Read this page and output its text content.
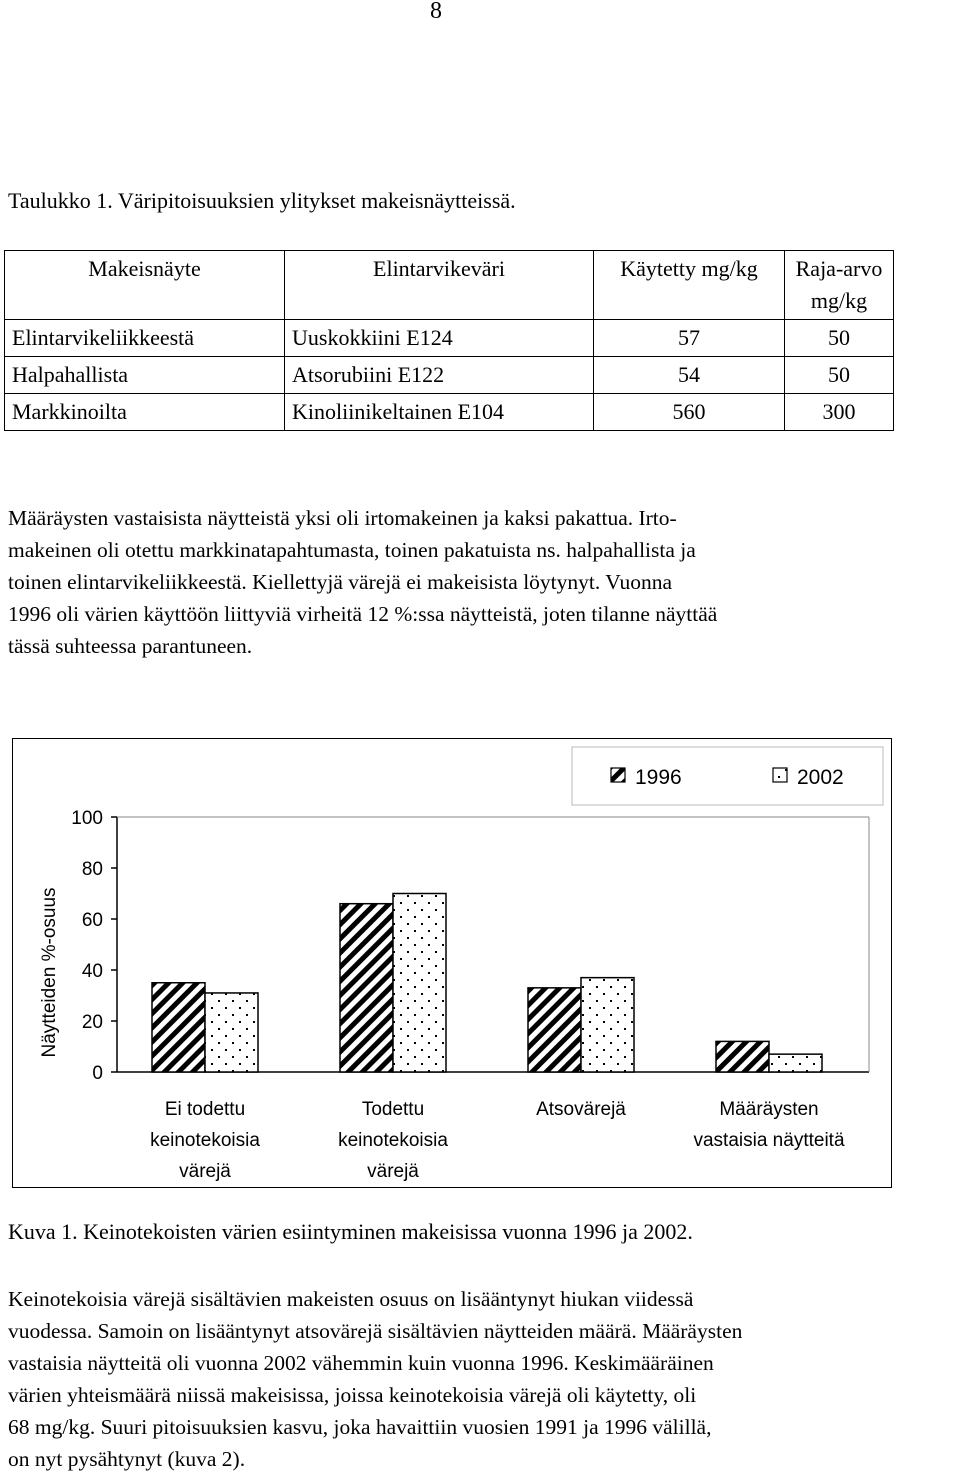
8
Taulukko 1. Väripitoisuuksien ylitykset makeisnäytteissä.
Makeisnäyte	Elintarvikeväri	Käytetty mg/kg	Raja-arvo mg/kg
Elintarvikeliikkeestä	Uuskokkiini E124	57	50
Halpahallista	Atsorubiini E122	54	50
Markkinoilta	Kinoliinikeltainen E104	560	300

Määräysten vastaisista näytteistä yksi oli irtomakeinen ja kaksi pakattua. Irto-

makeinen oli otettu markkinatapahtumasta, toinen pakatuista ns. halpahallista ja

toinen elintarvikeliikkeestä. Kiellettyjä värejä ei makeisista löytynyt. Vuonna

1996 oli värien käyttöön liittyviä virheitä 12 %:ssa näytteistä, joten tilanne näyttää

tässä suhteessa parantuneen.

1996	2002
0
20
40
60
80
100
Näytteiden %-osuus
Ei todettu
keinotekoisia
värejä
Todettu
keinotekoisia
värejä
Atsovärejä	Määräysten
vastaisia näytteitä
Kuva 1. Keinotekoisten värien esiintyminen makeisissa vuonna 1996 ja 2002.

Keinotekoisia värejä sisältävien makeisten osuus on lisääntynyt hiukan viidessä

vuodessa. Samoin on lisääntynyt atsovärejä sisältävien näytteiden määrä. Määräysten

vastaisia näytteitä oli vuonna 2002 vähemmin kuin vuonna 1996. Keskimääräinen

värien yhteismäärä niissä makeisissa, joissa keinotekoisia värejä oli käytetty, oli

68 mg/kg. Suuri pitoisuuksien kasvu, joka havaittiin vuosien 1991 ja 1996 välillä,

on nyt pysähtynyt (kuva 2).
